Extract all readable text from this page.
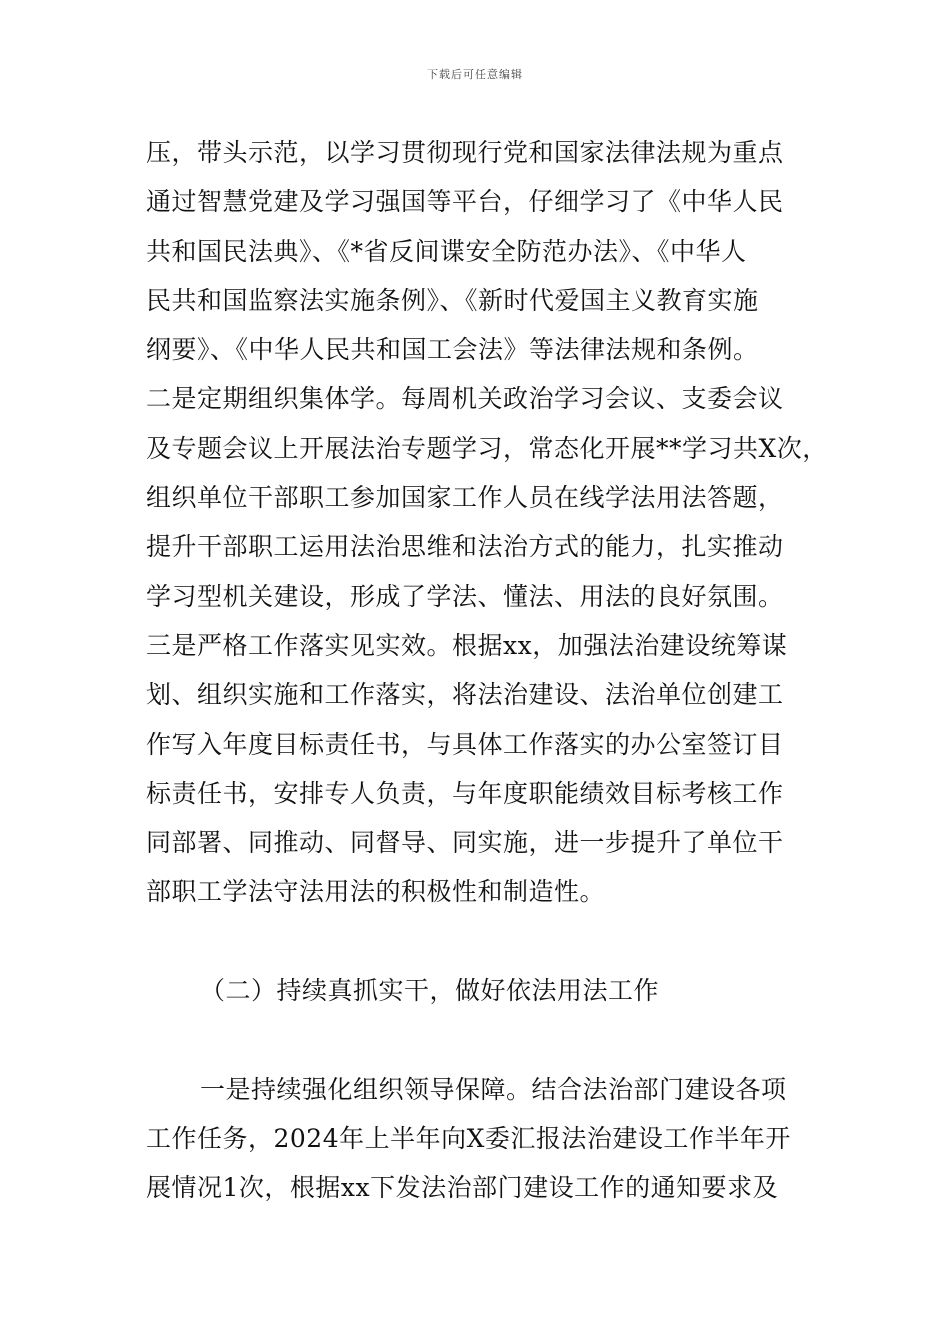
下载后可任意编辑
压，带头示范，以学习贯彻现行党和国家法律法规为重点
通过智慧党建及学习强国等平台，仔细学习了《中华人民
共和国民法典》、《*省反间谍安全防范办法》、《中华人
民共和国监察法实施条例》、《新时代爱国主义教育实施
纲要》、《中华人民共和国工会法》等法律法规和条例。
二是定期组织集体学。每周机关政治学习会议、支委会议
及专题会议上开展法治专题学习，常态化开展**学习共X次，
组织单位干部职工参加国家工作人员在线学法用法答题，
提升干部职工运用法治思维和法治方式的能力，扎实推动
学习型机关建设，形成了学法、懂法、用法的良好氛围。
三是严格工作落实见实效。根据xx，加强法治建设统筹谋
划、组织实施和工作落实，将法治建设、法治单位创建工
作写入年度目标责任书，与具体工作落实的办公室签订目
标责任书，安排专人负责，与年度职能绩效目标考核工作
同部署、同推动、同督导、同实施，进一步提升了单位干
部职工学法守法用法的积极性和制造性。
（二）持续真抓实干，做好依法用法工作
一是持续强化组织领导保障。结合法治部门建设各项
工作任务，2024年上半年向X委汇报法治建设工作半年开
展情况1次，根据xx下发法治部门建设工作的通知要求及
